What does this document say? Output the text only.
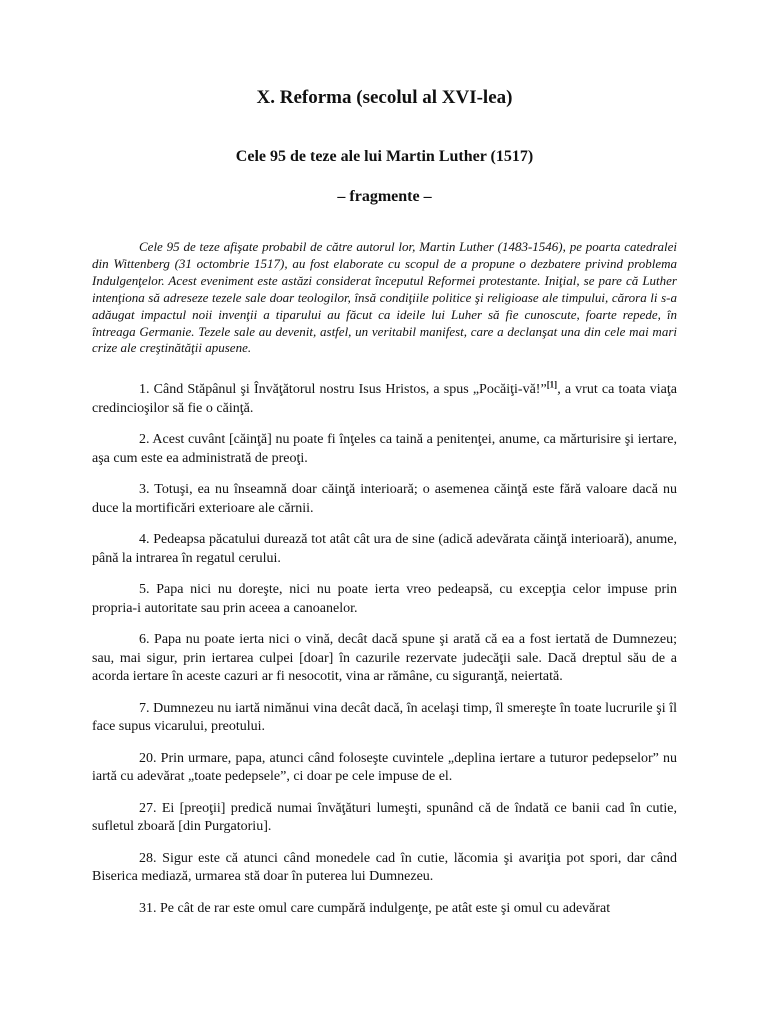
X. Reforma (secolul al XVI-lea)
Cele 95 de teze ale lui Martin Luther (1517)
– fragmente –

Cele 95 de teze afişate probabil de către autorul lor, Martin Luther (1483-1546), pe poarta catedralei din Wittenberg (31 octombrie 1517), au fost elaborate cu scopul de a propune o dezbatere privind problema Indulgenţelor. Acest eveniment este astăzi considerat începutul Reformei protestante. Iniţial, se pare că Luther intenţiona să adreseze tezele sale doar teologilor, însă condiţiile politice şi religioase ale timpului, cărora li s-a adăugat impactul noii invenţii a tiparului au făcut ca ideile lui Luher să fie cunoscute, foarte repede, în întreaga Germanie. Tezele sale au devenit, astfel, un veritabil manifest, care a declanşat una din cele mai mari crize ale creştinătăţii apusene.

1. Când Stăpânul şi Învăţătorul nostru Isus Hristos, a spus „Pocăiţi-vă!”[1], a vrut ca toata viaţa credincioşilor să fie o căinţă.
2. Acest cuvânt [căinţă] nu poate fi înţeles ca taină a penitenţei, anume, ca mărturisire şi iertare, aşa cum este ea administrată de preoţi.
3. Totuşi, ea nu înseamnă doar căinţă interioară; o asemenea căinţă este fără valoare dacă nu duce la mortificări exterioare ale cărnii.
4. Pedeapsa păcatului durează tot atât cât ura de sine (adică adevărata căinţă interioară), anume, până la intrarea în regatul cerului.
5. Papa nici nu doreşte, nici nu poate ierta vreo pedeapsă, cu excepţia celor impuse prin propria-i autoritate sau prin aceea a canoanelor.
6. Papa nu poate ierta nici o vină, decât dacă spune şi arată că ea a fost iertată de Dumnezeu; sau, mai sigur, prin iertarea culpei [doar] în cazurile rezervate judecăţii sale. Dacă dreptul său de a acorda iertare în aceste cazuri ar fi nesocotit, vina ar rămâne, cu siguranţă, neiertată.
7. Dumnezeu nu iartă nimănui vina decât dacă, în acelaşi timp, îl smereşte în toate lucrurile şi îl face supus vicarului, preotului.
20. Prin urmare, papa, atunci când foloseşte cuvintele „deplina iertare a tuturor pedepselor” nu iartă cu adevărat „toate pedepsele”, ci doar pe cele impuse de el.
27. Ei [preoţii] predică numai învăţături lumeşti, spunând că de îndată ce banii cad în cutie, sufletul zboară [din Purgatoriu].
28. Sigur este că atunci când monedele cad în cutie, lăcomia şi avariţia pot spori, dar când Biserica mediază, urmarea stă doar în puterea lui Dumnezeu.
31. Pe cât de rar este omul care cumpără indulgenţe, pe atât este şi omul cu adevărat
